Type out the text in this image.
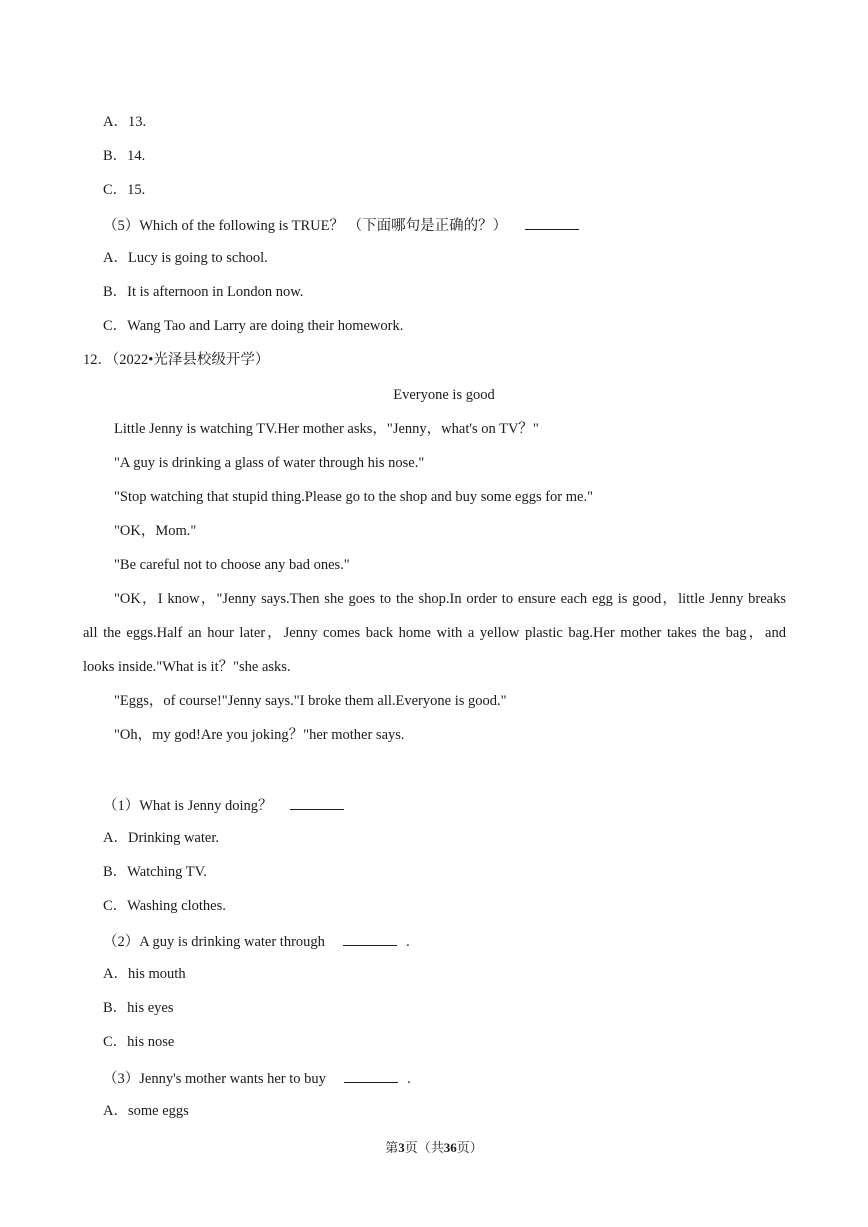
A．13.
B．14.
C．15.
（5）Which of the following is TRUE？ （下面哪句是正确的？）
A．Lucy is going to school.
B．It is afternoon in London now.
C．Wang Tao and Larry are doing their homework.
12．（2022•光泽县校级开学）
Everyone is good
Little Jenny is watching TV.Her mother asks，"Jenny，what's on TV？"
"A guy is drinking a glass of water through his nose."
"Stop watching that stupid thing.Please go to the shop and buy some eggs for me."
"OK，Mom."
"Be careful not to choose any bad ones."
"OK，I know，"Jenny says.Then she goes to the shop.In order to ensure each egg is good，little Jenny breaks
all the eggs.Half an hour later，Jenny comes back home with a yellow plastic bag.Her mother takes the bag，and
looks inside."What is it？"she asks.
"Eggs，of course!"Jenny says."I broke them all.Everyone is good."
"Oh，my god!Are you joking？"her mother says.
（1）What is Jenny doing？
A．Drinking water.
B．Watching TV.
C．Washing clothes.
（2）A guy is drinking water through	.
A．his mouth
B．his eyes
C．his nose
（3）Jenny's mother wants her to buy	.
A．some eggs
第3页（共36页）
